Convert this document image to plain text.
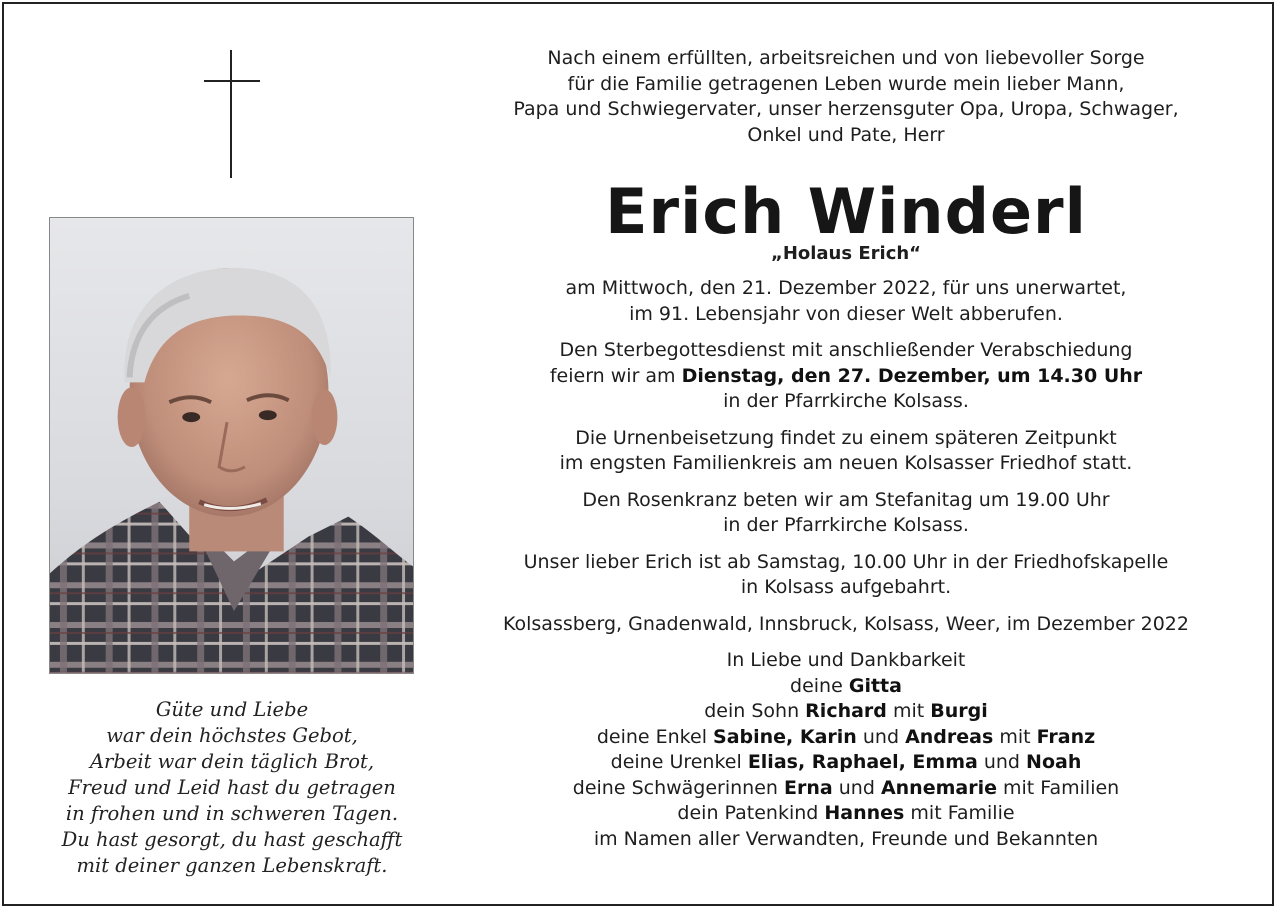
Güte und Liebe
war dein höchstes Gebot,
Arbeit war dein täglich Brot,
Freud und Leid hast du getragen
in frohen und in schweren Tagen.
Du hast gesorgt, du hast geschafft
mit deiner ganzen Lebenskraft.
Nach einem erfüllten, arbeitsreichen und von liebevoller Sorge
für die Familie getragenen Leben wurde mein lieber Mann,
Papa und Schwiegervater, unser herzensguter Opa, Uropa, Schwager,
Onkel und Pate, Herr
Erich Winderl
„Holaus Erich“
am Mittwoch, den 21. Dezember 2022, für uns unerwartet,
im 91. Lebensjahr von dieser Welt abberufen.
Den Sterbegottesdienst mit anschließender Verabschiedung
feiern wir am Dienstag, den 27. Dezember, um 14.30 Uhr
in der Pfarrkirche Kolsass.
Die Urnenbeisetzung findet zu einem späteren Zeitpunkt
im engsten Familienkreis am neuen Kolsasser Friedhof statt.
Den Rosenkranz beten wir am Stefanitag um 19.00 Uhr
in der Pfarrkirche Kolsass.
Unser lieber Erich ist ab Samstag, 10.00 Uhr in der Friedhofskapelle
in Kolsass aufgebahrt.
Kolsassberg, Gnadenwald, Innsbruck, Kolsass, Weer, im Dezember 2022
In Liebe und Dankbarkeit
deine Gitta
dein Sohn Richard mit Burgi
deine Enkel Sabine, Karin und Andreas mit Franz
deine Urenkel Elias, Raphael, Emma und Noah
deine Schwägerinnen Erna und Annemarie mit Familien
dein Patenkind Hannes mit Familie
im Namen aller Verwandten, Freunde und Bekannten
